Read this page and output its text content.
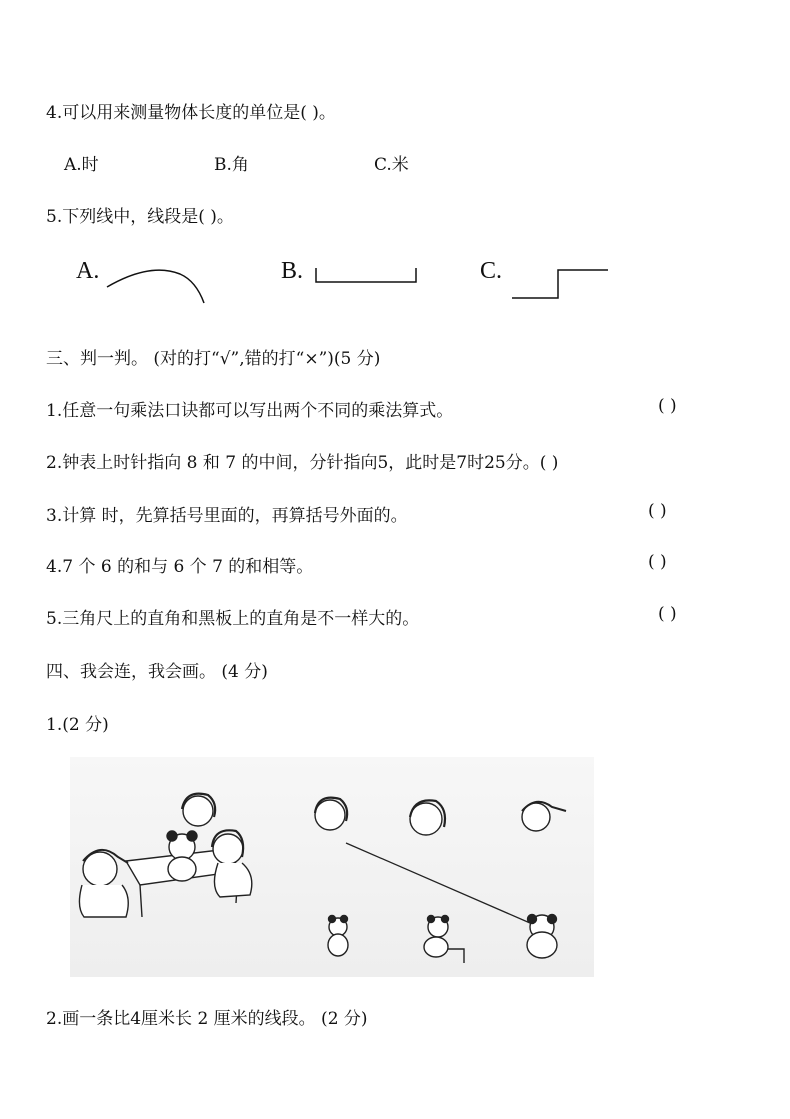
4.可以用来测量物体长度的单位是( )。
A.时	B.角	C.米
5.下列线中，线段是( )。
A.	B.	C.
三、判一判。 (对的打“√”,错的打“×”)(5 分)
1.任意一句乘法口诀都可以写出两个不同的乘法算式。	( )
2.钟表上时针指向 8 和 7 的中间，分针指向5，此时是7时25分。( )
3.计算 时，先算括号里面的，再算括号外面的。	( )
4.7 个 6 的和与 6 个 7 的和相等。	( )
5.三角尺上的直角和黑板上的直角是不一样大的。	( )
四、我会连，我会画。 (4 分)
1.(2 分)
2.画一条比4厘米长 2 厘米的线段。 (2 分)
